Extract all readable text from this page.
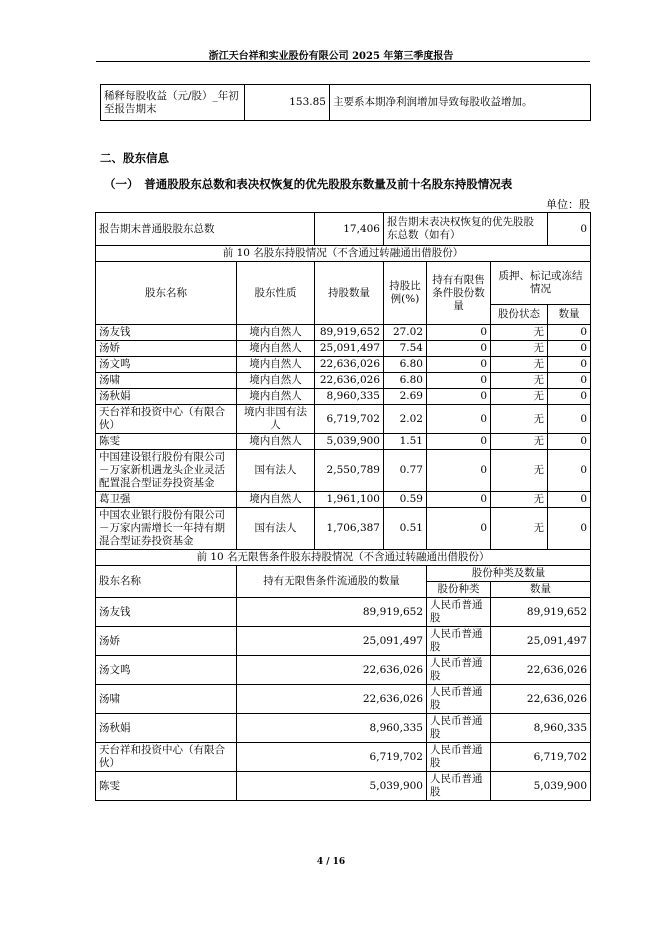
浙江天台祥和实业股份有限公司 2025 年第三季度报告
稀释每股收益（元/股）_年初至报告期末	153.85	主要系本期净利润增加导致每股收益增加。
二、股东信息
（一）　普通股股东总数和表决权恢复的优先股股东数量及前十名股东持股情况表
单位：股
报告期末普通股股东总数		17,406	报告期末表决权恢复的优先股股东总数（如有）			0
前 10 名股东持股情况（不含通过转融通出借股份）						
股东名称	股东性质	持股数量	持股比例(%)	持有有限售条件股份数量	质押、标记或冻结情况	
					股份状态	数量
汤友钱	境内自然人	89,919,652	27.02	0	无	0
汤娇	境内自然人	25,091,497	7.54	0	无	0
汤文鸣	境内自然人	22,636,026	6.80	0	无	0
汤啸	境内自然人	22,636,026	6.80	0	无	0
汤秋娟	境内自然人	8,960,335	2.69	0	无	0
天台祥和投资中心（有限合伙）	境内非国有法人	6,719,702	2.02	0	无	0
陈雯	境内自然人	5,039,900	1.51	0	无	0
中国建设银行股份有限公司－万家新机遇龙头企业灵活配置混合型证券投资基金	国有法人	2,550,789	0.77	0	无	0
葛卫强	境内自然人	1,961,100	0.59	0	无	0
中国农业银行股份有限公司－万家内需增长一年持有期混合型证券投资基金	国有法人	1,706,387	0.51	0	无	0
前 10 名无限售条件股东持股情况（不含通过转融通出借股份）						
股东名称	持有无限售条件流通股的数量			股份种类及数量		
				股份种类	数量	
汤友钱	89,919,652			人民币普通股	89,919,652	
汤娇	25,091,497			人民币普通股	25,091,497	
汤文鸣	22,636,026			人民币普通股	22,636,026	
汤啸	22,636,026			人民币普通股	22,636,026	
汤秋娟	8,960,335			人民币普通股	8,960,335	
天台祥和投资中心（有限合伙）	6,719,702			人民币普通股	6,719,702	
陈雯	5,039,900			人民币普通股	5,039,900	
4 / 16
